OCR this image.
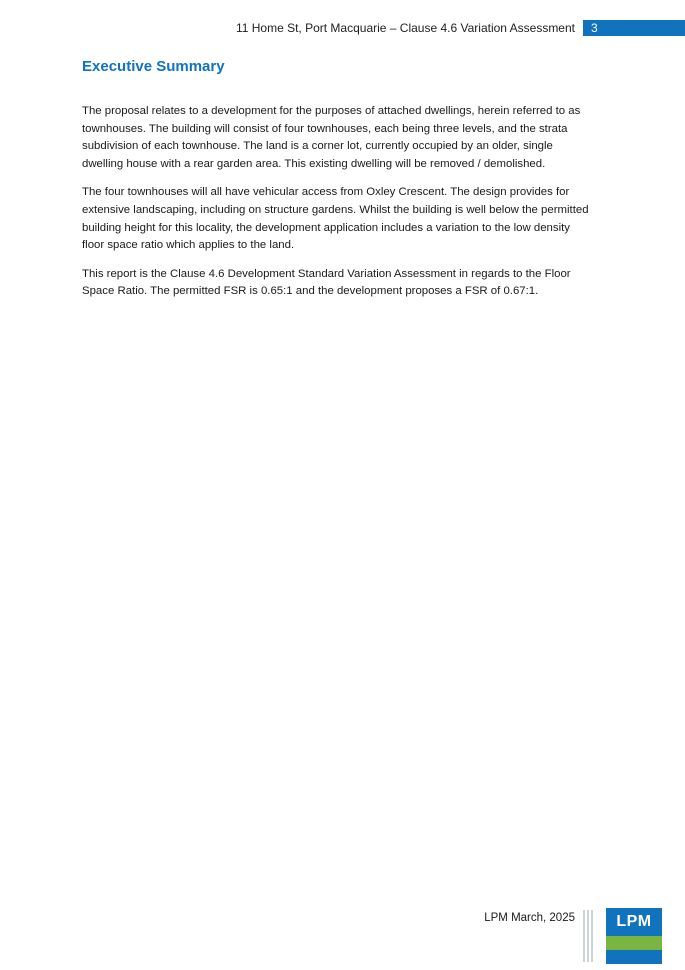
11 Home St, Port Macquarie – Clause 4.6 Variation Assessment	3
Executive Summary

The proposal relates to a development for the purposes of attached dwellings, herein referred to as townhouses. The building will consist of four townhouses, each being three levels, and the strata subdivision of each townhouse. The land is a corner lot, currently occupied by an older, single dwelling house with a rear garden area. This existing dwelling will be removed / demolished.

The four townhouses will all have vehicular access from Oxley Crescent. The design provides for extensive landscaping, including on structure gardens. Whilst the building is well below the permitted building height for this locality, the development application includes a variation to the low density floor space ratio which applies to the land.

This report is the Clause 4.6 Development Standard Variation Assessment in regards to the Floor Space Ratio. The permitted FSR is 0.65:1 and the development proposes a FSR of 0.67:1.

LPM March, 2025	LPM
